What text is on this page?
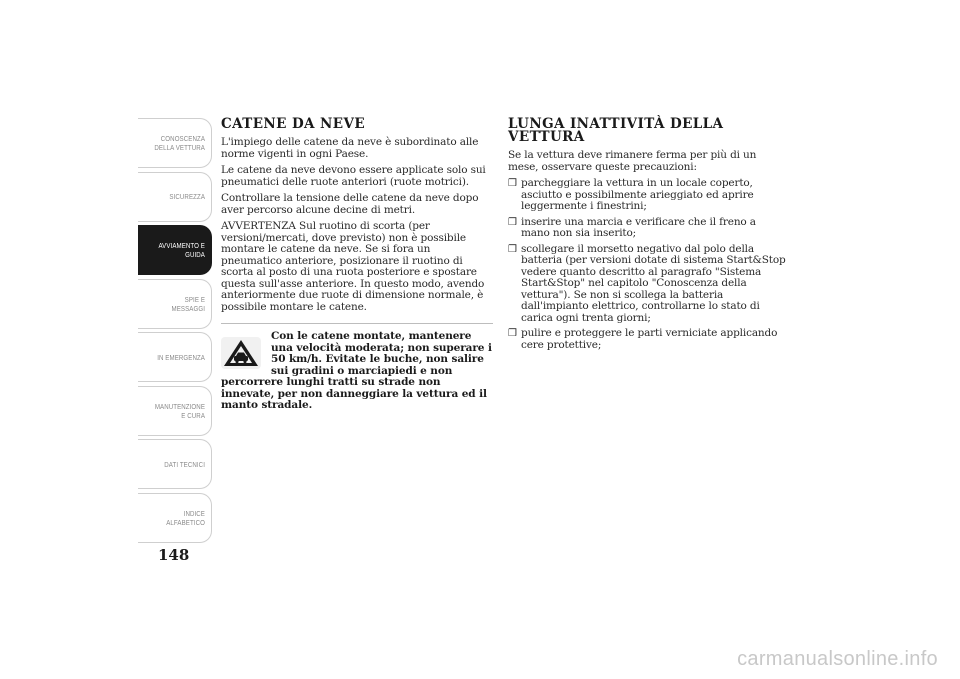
CONOSCENZA DELLA VETTURA
SICUREZZA
AVVIAMENTO E GUIDA
SPIE E MESSAGGI
IN EMERGENZA
MANUTENZIONE E CURA
DATI TECNICI
INDICE ALFABETICO
148
CATENE DA NEVE

L'impiego delle catene da neve è subordinato alle norme vigenti in ogni Paese.

Le catene da neve devono essere applicate solo sui pneumatici delle ruote anteriori (ruote motrici).

Controllare la tensione delle catene da neve dopo aver percorso alcune decine di metri.

AVVERTENZA Sul ruotino di scorta (per versioni/mercati, dove previsto) non è possibile montare le catene da neve. Se si fora un pneumatico anteriore, posizionare il ruotino di scorta al posto di una ruota posteriore e spostare questa sull'asse anteriore. In questo modo, avendo anteriormente due ruote di dimensione normale, è possibile montare le catene.

Con le catene montate, mantenere una velocità moderata; non superare i 50 km/h. Evitate le buche, non salire sui gradini o marciapiedi e non percorrere lunghi tratti su strade non innevate, per non danneggiare la vettura ed il manto stradale.

LUNGA INATTIVITÀ DELLA VETTURA

Se la vettura deve rimanere ferma per più di un mese, osservare queste precauzioni:

❒ parcheggiare la vettura in un locale coperto, asciutto e possibilmente arieggiato ed aprire leggermente i finestrini;
❒ inserire una marcia e verificare che il freno a mano non sia inserito;
❒ scollegare il morsetto negativo dal polo della batteria (per versioni dotate di sistema Start&Stop vedere quanto descritto al paragrafo "Sistema Start&Stop" nel capitolo "Conoscenza della vettura"). Se non si scollega la batteria dall'impianto elettrico, controllarne lo stato di carica ogni trenta giorni;
❒ pulire e proteggere le parti verniciate applicando cere protettive;
carmanualsonline.info
